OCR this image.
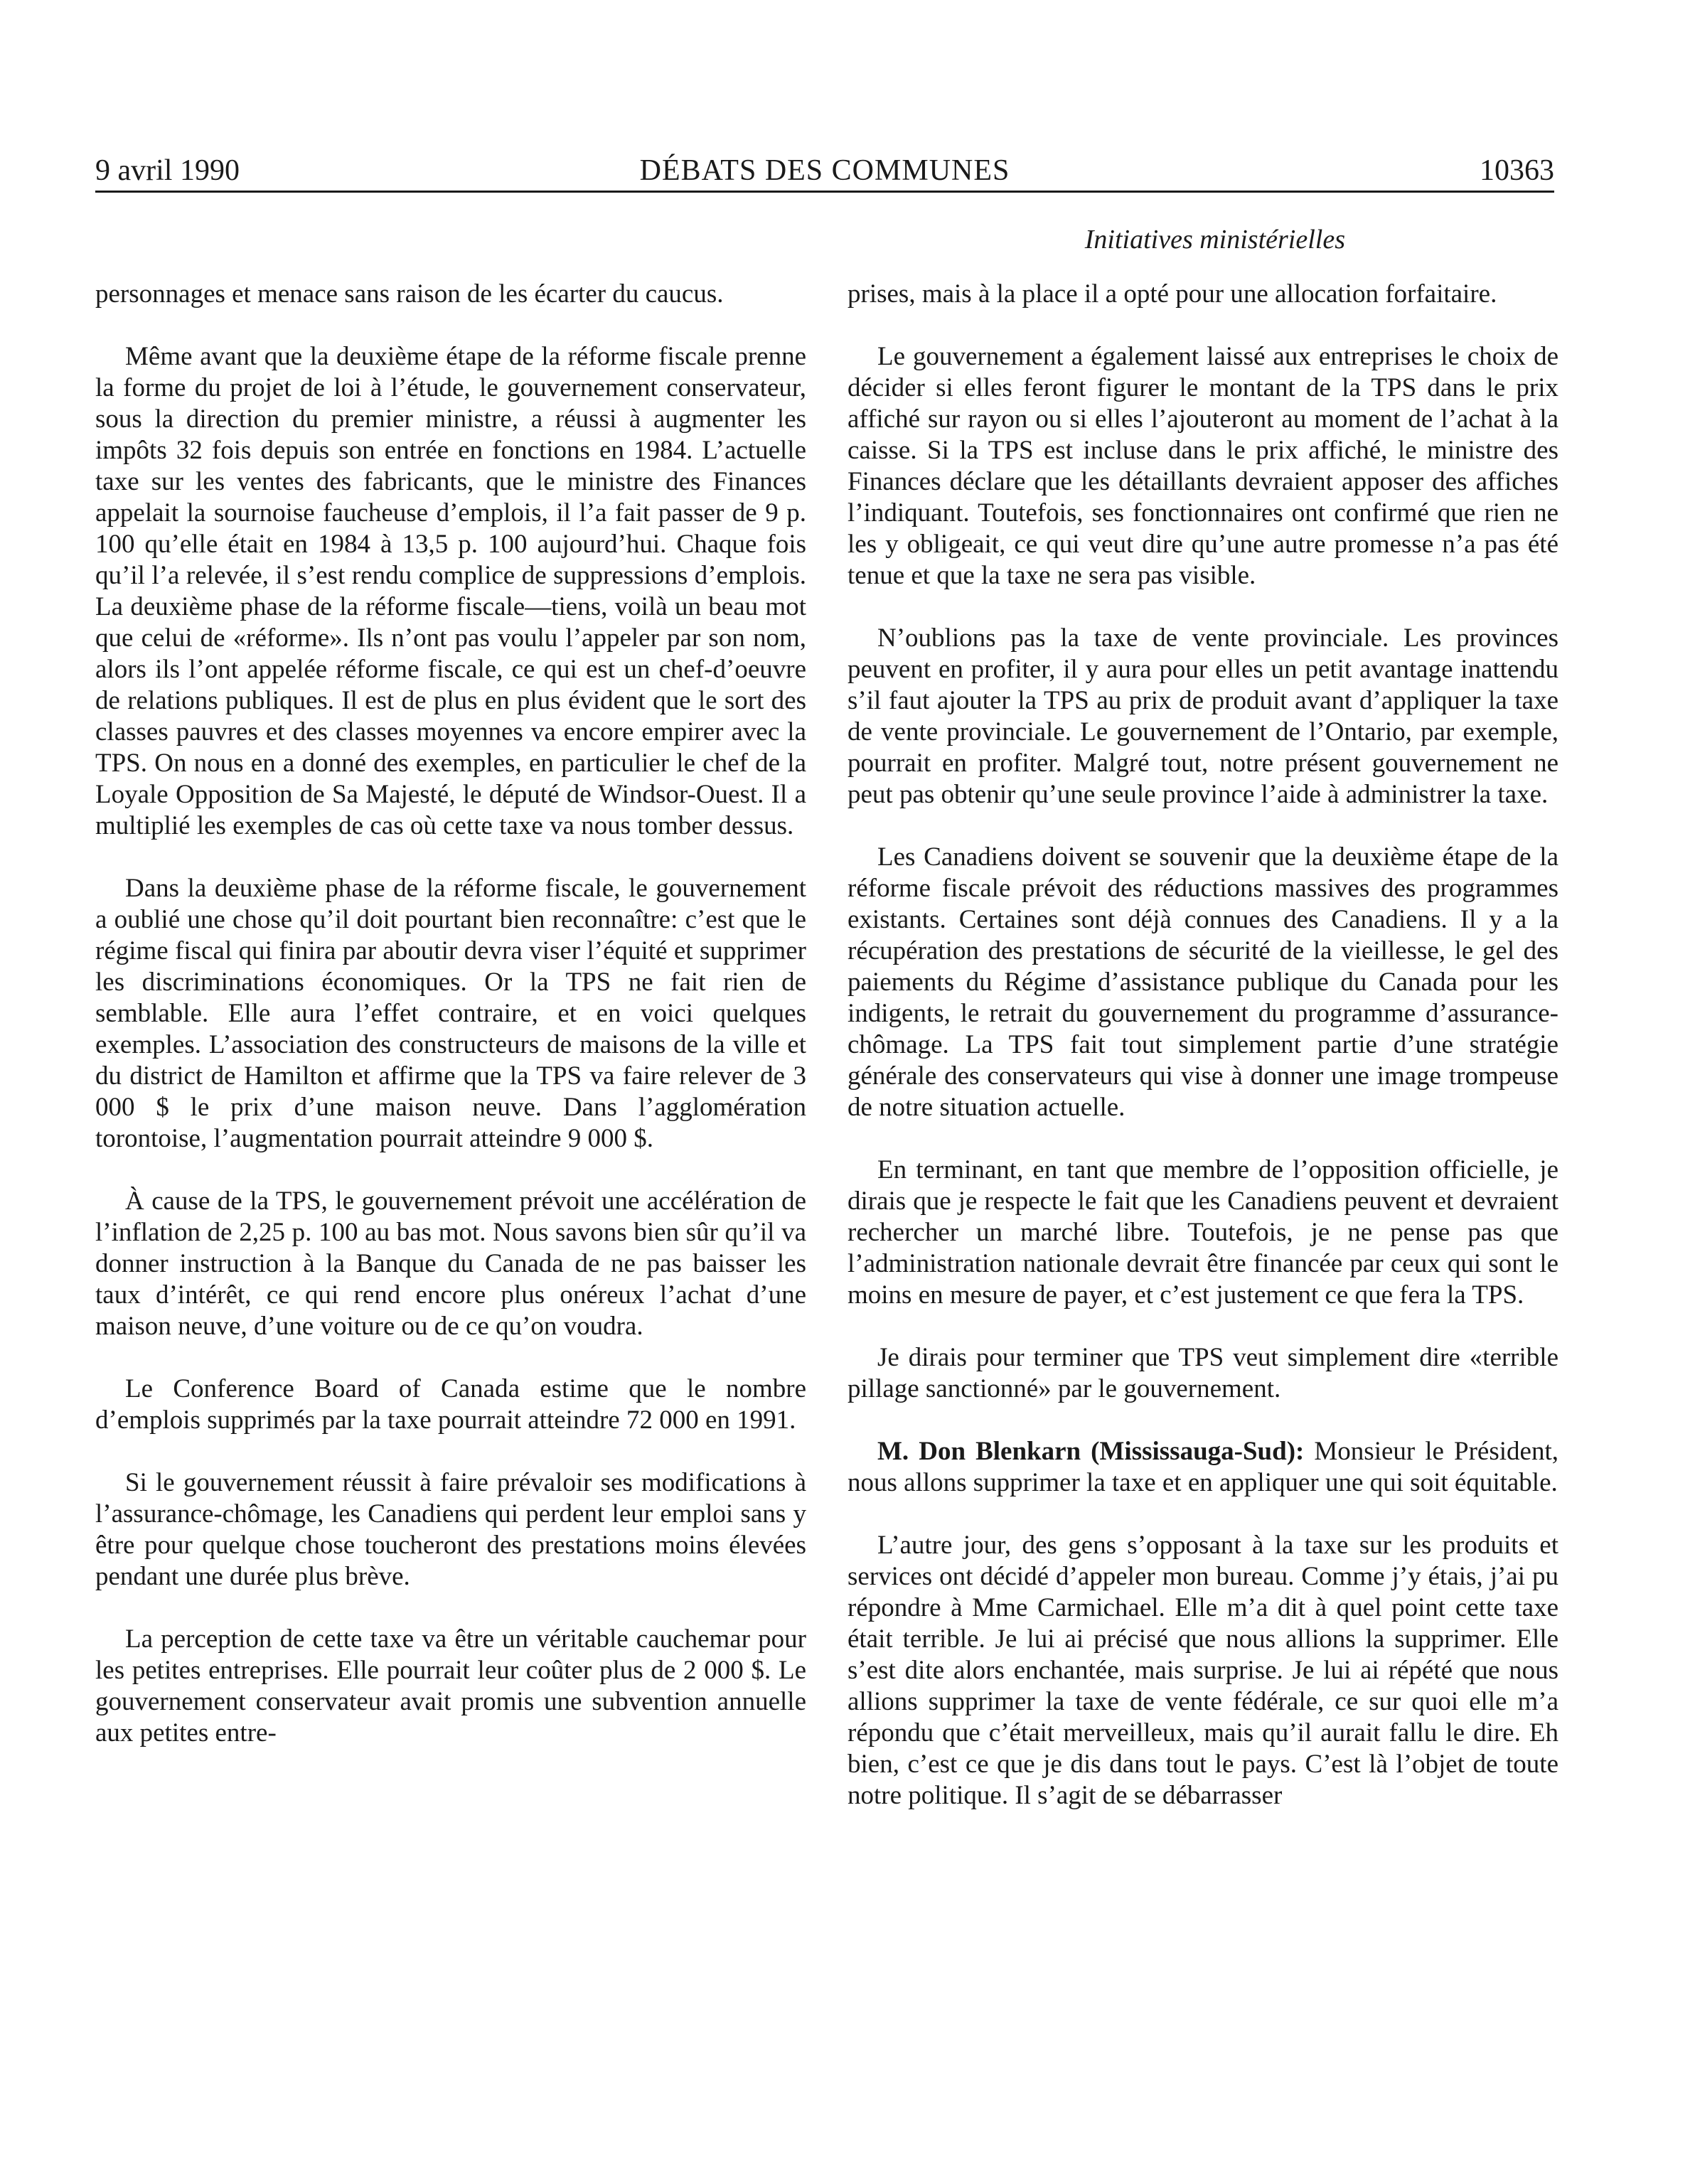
9 avril 1990	DÉBATS DES COMMUNES	10363
Initiatives ministérielles

personnages et menace sans raison de les écarter du caucus.

Même avant que la deuxième étape de la réforme fiscale prenne la forme du projet de loi à l’étude, le gouvernement conservateur, sous la direction du premier ministre, a réussi à augmenter les impôts 32 fois depuis son entrée en fonctions en 1984. L’actuelle taxe sur les ventes des fabricants, que le ministre des Finances appelait la sournoise faucheuse d’emplois, il l’a fait passer de 9 p. 100 qu’elle était en 1984 à 13,5 p. 100 aujourd’hui. Chaque fois qu’il l’a relevée, il s’est rendu complice de suppressions d’emplois. La deuxième phase de la réforme fiscale—tiens, voilà un beau mot que celui de «réforme». Ils n’ont pas voulu l’appeler par son nom, alors ils l’ont appelée réforme fiscale, ce qui est un chef-d’oeuvre de relations publiques. Il est de plus en plus évident que le sort des classes pauvres et des classes moyennes va encore empirer avec la TPS. On nous en a donné des exemples, en particulier le chef de la Loyale Opposition de Sa Majesté, le député de Windsor-Ouest. Il a multiplié les exemples de cas où cette taxe va nous tomber dessus.

Dans la deuxième phase de la réforme fiscale, le gouvernement a oublié une chose qu’il doit pourtant bien reconnaître: c’est que le régime fiscal qui finira par aboutir devra viser l’équité et supprimer les discriminations économiques. Or la TPS ne fait rien de semblable. Elle aura l’effet contraire, et en voici quelques exemples. L’association des constructeurs de maisons de la ville et du district de Hamilton et affirme que la TPS va faire relever de 3 000 $ le prix d’une maison neuve. Dans l’agglomération torontoise, l’augmentation pourrait atteindre 9 000 $.

À cause de la TPS, le gouvernement prévoit une accélération de l’inflation de 2,25 p. 100 au bas mot. Nous savons bien sûr qu’il va donner instruction à la Banque du Canada de ne pas baisser les taux d’intérêt, ce qui rend encore plus onéreux l’achat d’une maison neuve, d’une voiture ou de ce qu’on voudra.

Le Conference Board of Canada estime que le nombre d’emplois supprimés par la taxe pourrait atteindre 72 000 en 1991.

Si le gouvernement réussit à faire prévaloir ses modifications à l’assurance-chômage, les Canadiens qui perdent leur emploi sans y être pour quelque chose toucheront des prestations moins élevées pendant une durée plus brève.

La perception de cette taxe va être un véritable cauchemar pour les petites entreprises. Elle pourrait leur coûter plus de 2 000 $. Le gouvernement conservateur avait promis une subvention annuelle aux petites entre-

prises, mais à la place il a opté pour une allocation forfaitaire.

Le gouvernement a également laissé aux entreprises le choix de décider si elles feront figurer le montant de la TPS dans le prix affiché sur rayon ou si elles l’ajouteront au moment de l’achat à la caisse. Si la TPS est incluse dans le prix affiché, le ministre des Finances déclare que les détaillants devraient apposer des affiches l’indiquant. Toutefois, ses fonctionnaires ont confirmé que rien ne les y obligeait, ce qui veut dire qu’une autre promesse n’a pas été tenue et que la taxe ne sera pas visible.

N’oublions pas la taxe de vente provinciale. Les provinces peuvent en profiter, il y aura pour elles un petit avantage inattendu s’il faut ajouter la TPS au prix de produit avant d’appliquer la taxe de vente provinciale. Le gouvernement de l’Ontario, par exemple, pourrait en profiter. Malgré tout, notre présent gouvernement ne peut pas obtenir qu’une seule province l’aide à administrer la taxe.

Les Canadiens doivent se souvenir que la deuxième étape de la réforme fiscale prévoit des réductions massives des programmes existants. Certaines sont déjà connues des Canadiens. Il y a la récupération des prestations de sécurité de la vieillesse, le gel des paiements du Régime d’assistance publique du Canada pour les indigents, le retrait du gouvernement du programme d’assurance-chômage. La TPS fait tout simplement partie d’une stratégie générale des conservateurs qui vise à donner une image trompeuse de notre situation actuelle.

En terminant, en tant que membre de l’opposition officielle, je dirais que je respecte le fait que les Canadiens peuvent et devraient rechercher un marché libre. Toutefois, je ne pense pas que l’administration nationale devrait être financée par ceux qui sont le moins en mesure de payer, et c’est justement ce que fera la TPS.

Je dirais pour terminer que TPS veut simplement dire «terrible pillage sanctionné» par le gouvernement.

M. Don Blenkarn (Mississauga-Sud): Monsieur le Président, nous allons supprimer la taxe et en appliquer une qui soit équitable.

L’autre jour, des gens s’opposant à la taxe sur les produits et services ont décidé d’appeler mon bureau. Comme j’y étais, j’ai pu répondre à Mme Carmichael. Elle m’a dit à quel point cette taxe était terrible. Je lui ai précisé que nous allions la supprimer. Elle s’est dite alors enchantée, mais surprise. Je lui ai répété que nous allions supprimer la taxe de vente fédérale, ce sur quoi elle m’a répondu que c’était merveilleux, mais qu’il aurait fallu le dire. Eh bien, c’est ce que je dis dans tout le pays. C’est là l’objet de toute notre politique. Il s’agit de se débarrasser
